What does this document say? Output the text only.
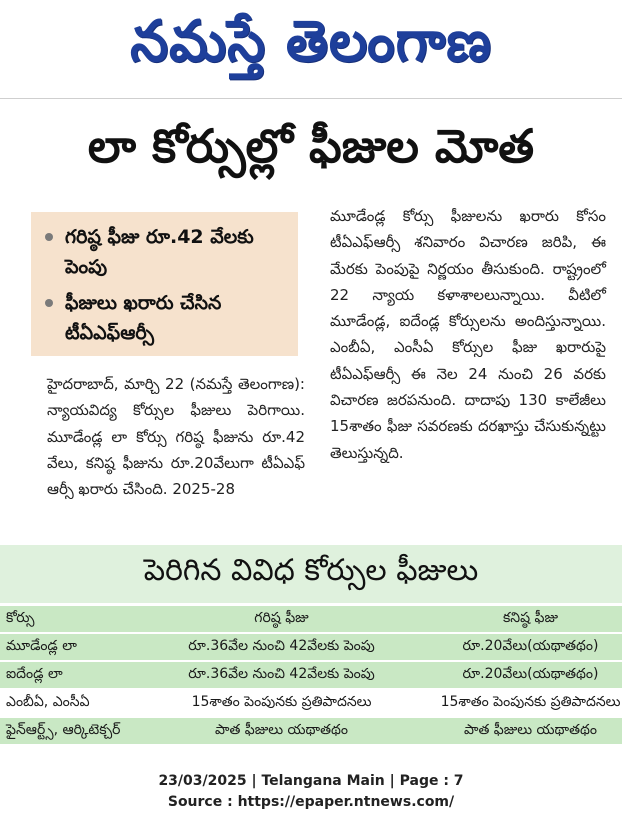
నమస్తే తెలంగాణ
లా కోర్సుల్లో ఫీజుల మోత
గరిష్ఠ ఫీజు రూ.42 వేలకు పెంపు
ఫీజులు ఖరారు చేసిన టీఏఎఫ్ఆర్సీ

హైదరాబాద్, మార్చి 22 (నమస్తే తెలంగాణ): న్యాయవిద్య కోర్సుల ఫీజులు పెరిగాయి. మూడేండ్ల లా కోర్సు గరిష్ఠ ఫీజును రూ.42 వేలు, కనిష్ఠ ఫీజును రూ.20వేలుగా టీఏఎఫ్ ఆర్సీ ఖరారు చేసింది. 2025-28

మూడేండ్ల కోర్సు ఫీజులను ఖరారు కోసం టీఏఎఫ్ఆర్సీ శనివారం విచారణ జరిపి, ఈ మేరకు పెంపుపై నిర్ణయం తీసుకుంది. రాష్ట్రంలో 22 న్యాయ కళాశాలలున్నాయి. వీటిలో మూడేండ్ల, ఐదేండ్ల కోర్సులను అందిస్తున్నాయి. ఎంబీఏ, ఎంసీఏ కోర్సుల ఫీజు ఖరారుపై టీఏఎఫ్ఆర్సీ ఈ నెల 24 నుంచి 26 వరకు విచారణ జరపనుంది. దాదాపు 130 కాలేజీలు 15శాతం ఫీజు సవరణకు దరఖాస్తు చేసుకున్నట్టు తెలుస్తున్నది.

పెరిగిన వివిధ కోర్సుల ఫీజులు
కోర్సు	గరిష్ఠ ఫీజు	కనిష్ఠ ఫీజు
మూడేండ్ల లా	రూ.36వేల నుంచి 42వేలకు పెంపు	రూ.20వేలు(యథాతథం)
ఐదేండ్ల లా	రూ.36వేల నుంచి 42వేలకు పెంపు	రూ.20వేలు(యథాతథం)
ఎంబీఏ, ఎంసీఏ	15శాతం పెంపునకు ప్రతిపాదనలు	15శాతం పెంపునకు ప్రతిపాదనలు
ఫైన్ఆర్ట్స్, ఆర్కిటెక్చర్	పాత ఫీజులు యథాతథం	పాత ఫీజులు యథాతథం
23/03/2025 | Telangana Main | Page : 7
Source : https://epaper.ntnews.com/
